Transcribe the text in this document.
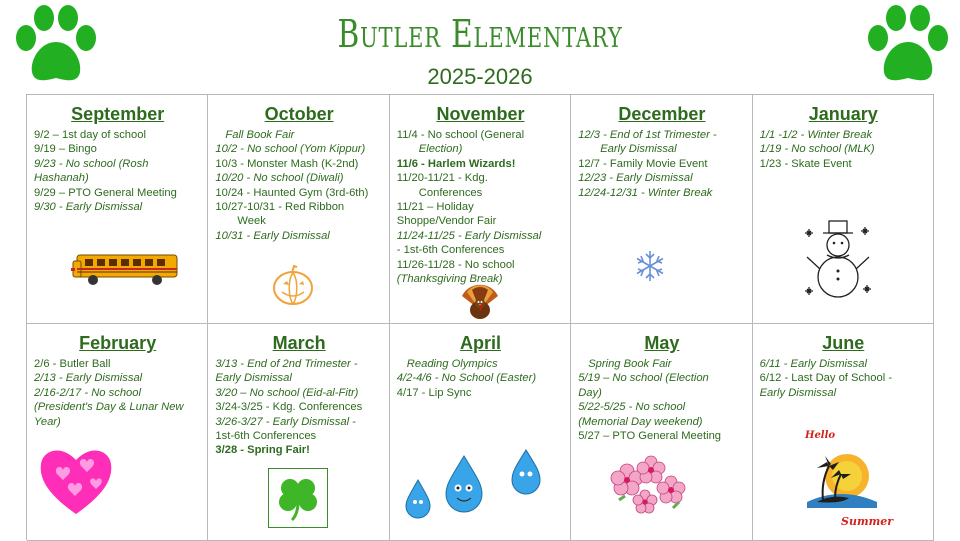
Butler Elementary
2025-2026
September
9/2 – 1st day of school
9/19 – Bingo
9/23 - No school (Rosh Hashanah)
9/29 – PTO General Meeting
9/30 - Early Dismissal
October
Fall Book Fair
10/2 - No school (Yom Kippur)
10/3 - Monster Mash (K-2nd)
10/20 - No school (Diwali)
10/24 - Haunted Gym (3rd-6th)
10/27-10/31 - Red Ribbon
Week
10/31 - Early Dismissal
November
11/4 - No school (General
Election)
11/6 - Harlem Wizards!
11/20-11/21 - Kdg.
Conferences
11/21 – Holiday
Shoppe/Vendor Fair
11/24-11/25 - Early Dismissal
- 1st-6th Conferences
11/26-11/28 - No school
(Thanksgiving Break)
December
12/3 - End of 1st Trimester -
Early Dismissal
12/7 - Family Movie Event
12/23 - Early Dismissal
12/24-12/31 - Winter Break
January
1/1 -1/2 - Winter Break
1/19 - No school (MLK)
1/23 - Skate Event
February
2/6 - Butler Ball
2/13 - Early Dismissal
2/16-2/17 - No school
(President's Day & Lunar New
Year)
March
3/13 - End of 2nd Trimester -
Early Dismissal
3/20 – No school (Eid-al-Fitr)
3/24-3/25 - Kdg. Conferences
3/26-3/27 - Early Dismissal -
1st-6th Conferences
3/28 - Spring Fair!
April
Reading Olympics
4/2-4/6 - No School (Easter)
4/17 - Lip Sync
May
Spring Book Fair
5/19 – No school (Election
Day)
5/22-5/25 - No school
(Memorial Day weekend)
5/27 – PTO General Meeting
June
6/11 - Early Dismissal
6/12 - Last Day of School -
Early Dismissal
Hello
Summer
